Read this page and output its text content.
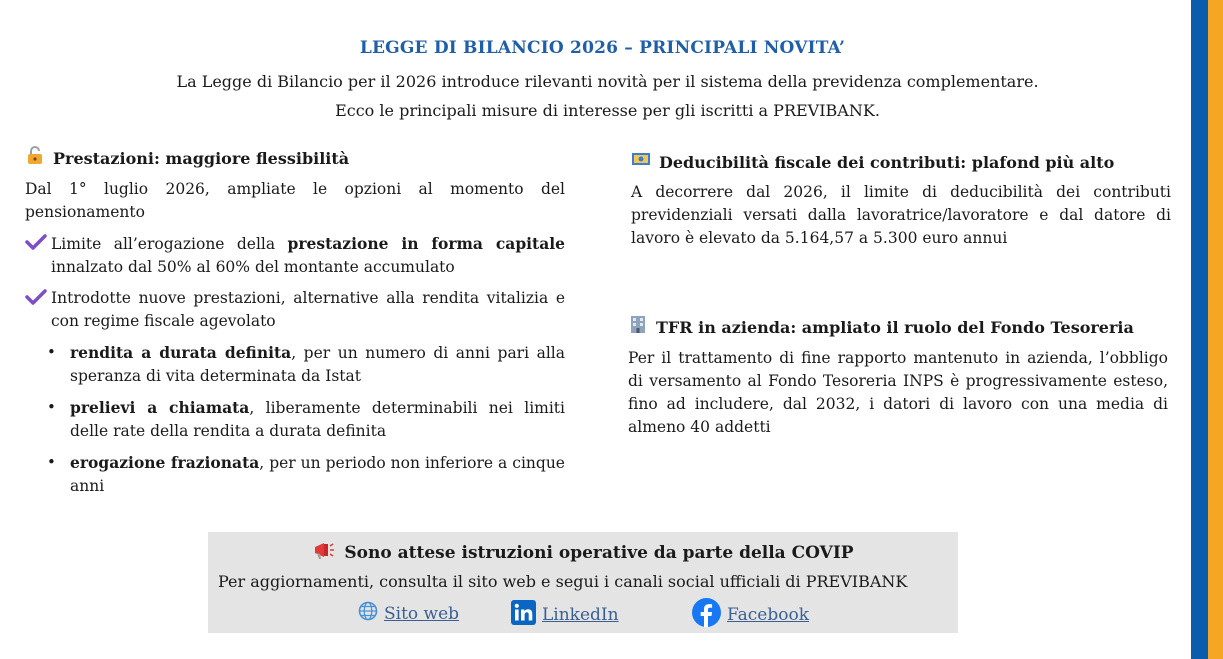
LEGGE DI BILANCIO 2026 – PRINCIPALI NOVITA’
La Legge di Bilancio per il 2026 introduce rilevanti novità per il sistema della previdenza complementare.
Ecco le principali misure di interesse per gli iscritti a PREVIBANK.
Prestazioni: maggiore flessibilità
Dal 1° luglio 2026, ampliate le opzioni al momento del pensionamento
Limite all’erogazione della prestazione in forma capitale innalzato dal 50% al 60% del montante accumulato
Introdotte nuove prestazioni, alternative alla rendita vitalizia e con regime fiscale agevolato
• rendita a durata definita, per un numero di anni pari alla speranza di vita determinata da Istat
• prelievi a chiamata, liberamente determinabili nei limiti delle rate della rendita a durata definita
• erogazione frazionata, per un periodo non inferiore a cinque anni
Deducibilità fiscale dei contributi: plafond più alto
A decorrere dal 2026, il limite di deducibilità dei contributi previdenziali versati dalla lavoratrice/lavoratore e dal datore di lavoro è elevato da 5.164,57 a 5.300 euro annui
TFR in azienda: ampliato il ruolo del Fondo Tesoreria
Per il trattamento di fine rapporto mantenuto in azienda, l’obbligo di versamento al Fondo Tesoreria INPS è progressivamente esteso, fino ad includere, dal 2032, i datori di lavoro con una media di almeno 40 addetti
Sono attese istruzioni operative da parte della COVIP
Per aggiornamenti, consulta il sito web e segui i canali social ufficiali di PREVIBANK
Sito web	LinkedIn	Facebook
